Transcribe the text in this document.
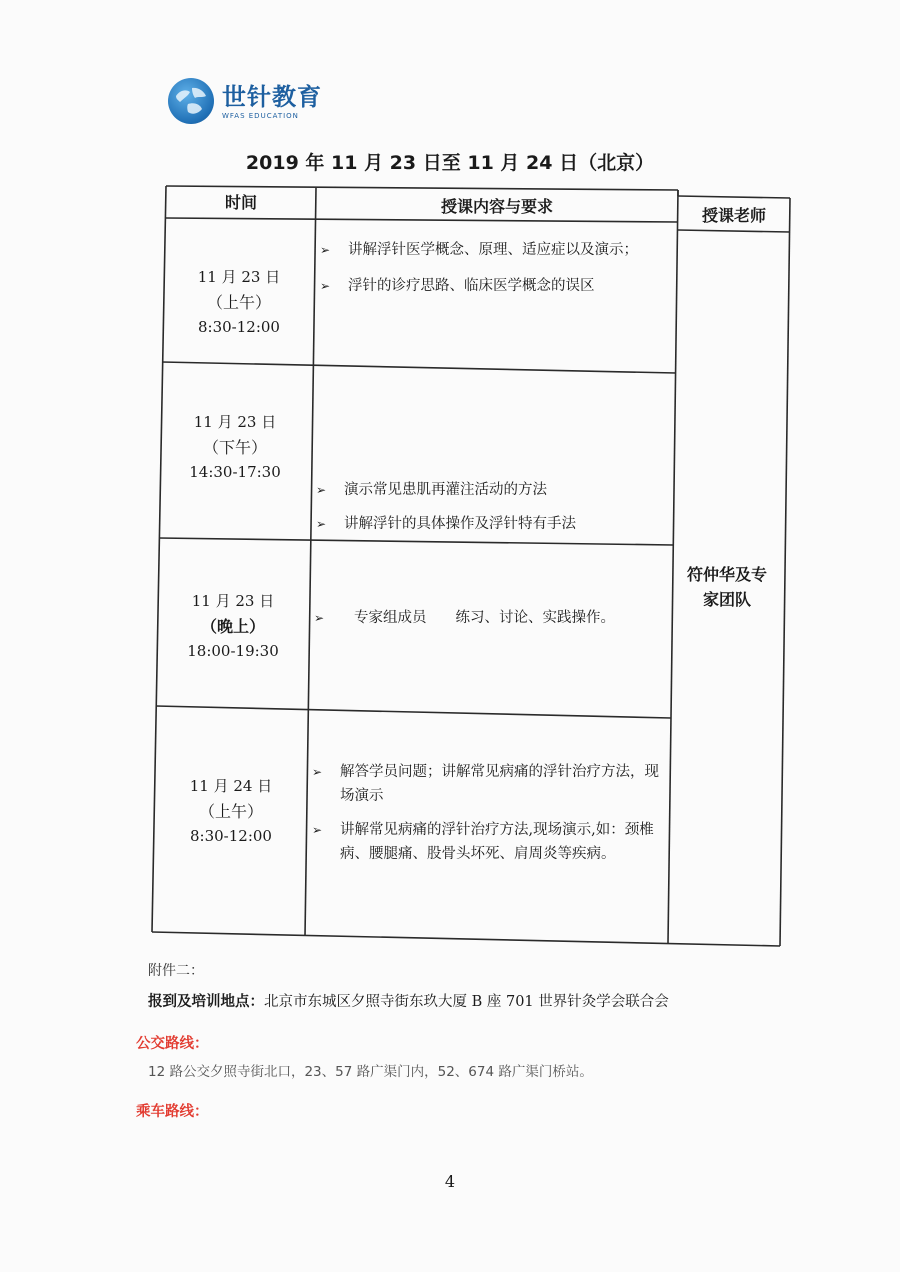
世针教育
WFAS EDUCATION
2019 年 11 月 23 日至 11 月 24 日（北京）
时间	授课内容与要求	授课老师
11 月 23 日
（上午）
8:30-12:00
➢ 讲解浮针医学概念、原理、适应症以及演示；
➢ 浮针的诊疗思路、临床医学概念的误区
11 月 23 日
（下午）
14:30-17:30
➢ 演示常见患肌再灌注活动的方法
➢ 讲解浮针的具体操作及浮针特有手法
11 月 23 日
（晚上）
18:00-19:30
➢ 专家组成员　　练习、讨论、实践操作。
11 月 24 日
（上午）
8:30-12:00
➢ 解答学员问题；讲解常见病痛的浮针治疗方法，现场演示
➢ 讲解常见病痛的浮针治疗方法,现场演示,如：颈椎病、腰腿痛、股骨头坏死、肩周炎等疾病。
符仲华及专
家团队
附件二：
报到及培训地点：北京市东城区夕照寺街东玖大厦 B 座 701 世界针灸学会联合会
公交路线：
12 路公交夕照寺街北口，23、57 路广渠门内，52、674 路广渠门桥站。
乘车路线：
4
